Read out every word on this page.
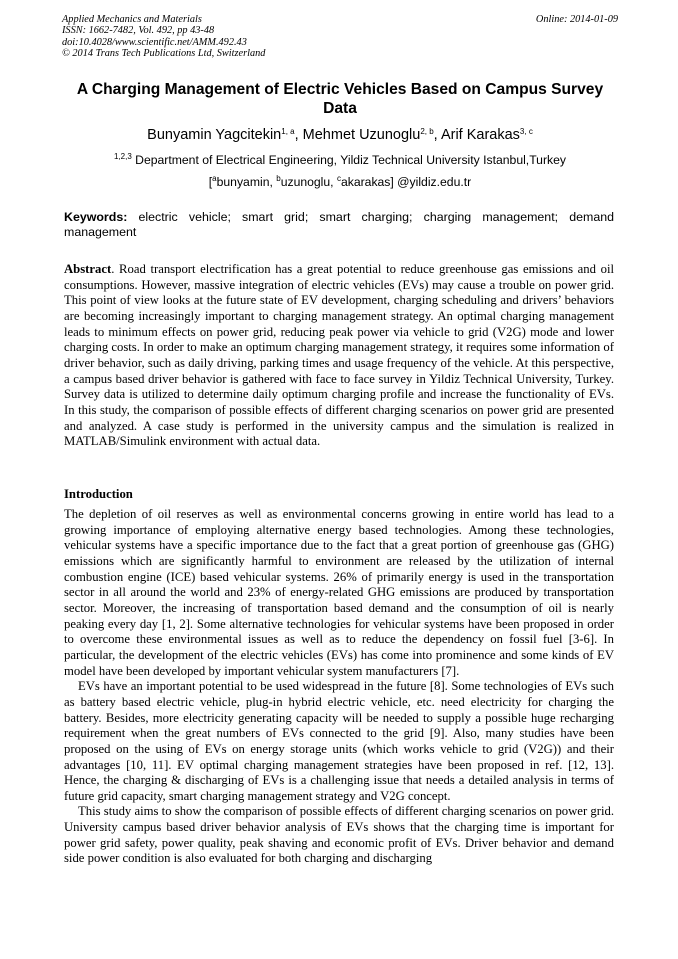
Applied Mechanics and Materials
ISSN: 1662-7482, Vol. 492, pp 43-48
doi:10.4028/www.scientific.net/AMM.492.43
© 2014 Trans Tech Publications Ltd, Switzerland
Online: 2014-01-09
A Charging Management of Electric Vehicles Based on Campus Survey Data
Bunyamin Yagcitekin$^{1, a}$, Mehmet Uzunoglu$^{2, b}$, Arif Karakas$^{3, c}$
$^{1,2,3}$ Department of Electrical Engineering, Yildiz Technical University Istanbul,Turkey
[$^a$bunyamin, $^b$uzunoglu, $^c$akarakas] @yildiz.edu.tr
Keywords: electric vehicle; smart grid; smart charging; charging management; demand management
Abstract. Road transport electrification has a great potential to reduce greenhouse gas emissions and oil consumptions. However, massive integration of electric vehicles (EVs) may cause a trouble on power grid. This point of view looks at the future state of EV development, charging scheduling and drivers’ behaviors are becoming increasingly important to charging management strategy. An optimal charging management leads to minimum effects on power grid, reducing peak power via vehicle to grid (V2G) mode and lower charging costs. In order to make an optimum charging management strategy, it requires some information of driver behavior, such as daily driving, parking times and usage frequency of the vehicle. At this perspective, a campus based driver behavior is gathered with face to face survey in Yildiz Technical University, Turkey. Survey data is utilized to determine daily optimum charging profile and increase the functionality of EVs. In this study, the comparison of possible effects of different charging scenarios on power grid are presented and analyzed. A case study is performed in the university campus and the simulation is realized in MATLAB/Simulink environment with actual data.
Introduction

The depletion of oil reserves as well as environmental concerns growing in entire world has lead to a growing importance of employing alternative energy based technologies. Among these technologies, vehicular systems have a specific importance due to the fact that a great portion of greenhouse gas (GHG) emissions which are significantly harmful to environment are released by the utilization of internal combustion engine (ICE) based vehicular systems. 26% of primarily energy is used in the transportation sector in all around the world and 23% of energy-related GHG emissions are produced by transportation sector. Moreover, the increasing of transportation based demand and the consumption of oil is nearly peaking every day [1, 2]. Some alternative technologies for vehicular systems have been proposed in order to overcome these environmental issues as well as to reduce the dependency on fossil fuel [3-6]. In particular, the development of the electric vehicles (EVs) has come into prominence and some kinds of EV model have been developed by important vehicular system manufacturers [7].

EVs have an important potential to be used widespread in the future [8]. Some technologies of EVs such as battery based electric vehicle, plug-in hybrid electric vehicle, etc. need electricity for charging the battery. Besides, more electricity generating capacity will be needed to supply a possible huge recharging requirement when the great numbers of EVs connected to the grid [9]. Also, many studies have been proposed on the using of EVs on energy storage units (which works vehicle to grid (V2G)) and their advantages [10, 11]. EV optimal charging management strategies have been proposed in ref. [12, 13]. Hence, the charging & discharging of EVs is a challenging issue that needs a detailed analysis in terms of future grid capacity, smart charging management strategy and V2G concept.

This study aims to show the comparison of possible effects of different charging scenarios on power grid. University campus based driver behavior analysis of EVs shows that the charging time is important for power grid safety, power quality, peak shaving and economic profit of EVs. Driver behavior and demand side power condition is also evaluated for both charging and discharging
